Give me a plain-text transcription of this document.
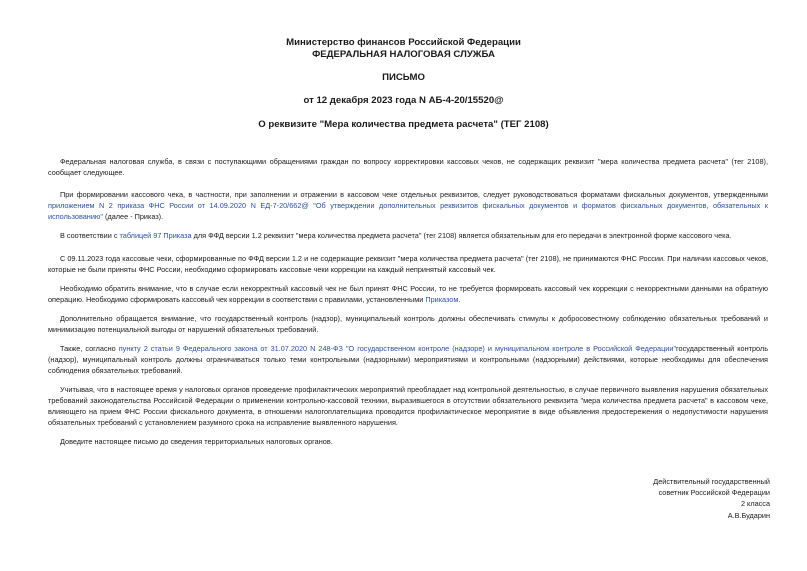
Министерство финансов Российской Федерации
ФЕДЕРАЛЬНАЯ НАЛОГОВАЯ СЛУЖБА
ПИСЬМО
от 12 декабря 2023 года N АБ-4-20/15520@
О реквизите "Мера количества предмета расчета" (ТЕГ 2108)
Федеральная налоговая служба, в связи с поступающими обращениями граждан по вопросу корректировки кассовых чеков, не содержащих реквизит "мера количества предмета расчета" (тег 2108), сообщает следующее.
При формировании кассового чека, в частности, при заполнении и отражении в кассовом чеке отдельных реквизитов, следует руководствоваться форматами фискальных документов, утвержденными приложением N 2 приказа ФНС России от 14.09.2020 N ЕД-7-20/662@ "Об утверждении дополнительных реквизитов фискальных документов и форматов фискальных документов, обязательных к использованию" (далее - Приказ).
В соответствии с таблицей 97 Приказа для ФФД версии 1.2 реквизит "мера количества предмета расчета" (тег 2108) является обязательным для его передачи в электронной форме кассового чека.
С 09.11.2023 года кассовые чеки, сформированные по ФФД версии 1.2 и не содержащие реквизит "мера количества предмета расчета" (тег 2108), не принимаются ФНС России. При наличии кассовых чеков, которые не были приняты ФНС России, необходимо сформировать кассовые чеки коррекции на каждый непринятый кассовый чек.
Необходимо обратить внимание, что в случае если некорректный кассовый чек не был принят ФНС России, то не требуется формировать кассовый чек коррекции с некорректными данными на обратную операцию. Необходимо сформировать кассовый чек коррекции в соответствии с правилами, установленными Приказом.
Дополнительно обращается внимание, что государственный контроль (надзор), муниципальный контроль должны обеспечивать стимулы к добросовестному соблюдению обязательных требований и минимизацию потенциальной выгоды от нарушений обязательных требований.
Также, согласно пункту 2 статьи 9 Федерального закона от 31.07.2020 N 248-ФЗ "О государственном контроле (надзоре) и муниципальном контроле в Российской Федерации"государственный контроль (надзор), муниципальный контроль должны ограничиваться только теми контрольными (надзорными) мероприятиями и контрольными (надзорными) действиями, которые необходимы для обеспечения соблюдения обязательных требований.
Учитывая, что в настоящее время у налоговых органов проведение профилактических мероприятий преобладает над контрольной деятельностью, в случае первичного выявления нарушения обязательных требований законодательства Российской Федерации о применении контрольно-кассовой техники, выразившегося в отсутствии обязательного реквизита "мера количества предмета расчета" в кассовом чеке, влияющего на прием ФНС России фискального документа, в отношении налогоплательщика проводится профилактическое мероприятие в виде объявления предостережения о недопустимости нарушения обязательных требований с установлением разумного срока на исправление выявленного нарушения.
Доведите настоящее письмо до сведения территориальных налоговых органов.
Действительный государственный
советник Российской Федерации
2 класса
А.В.Бударин
